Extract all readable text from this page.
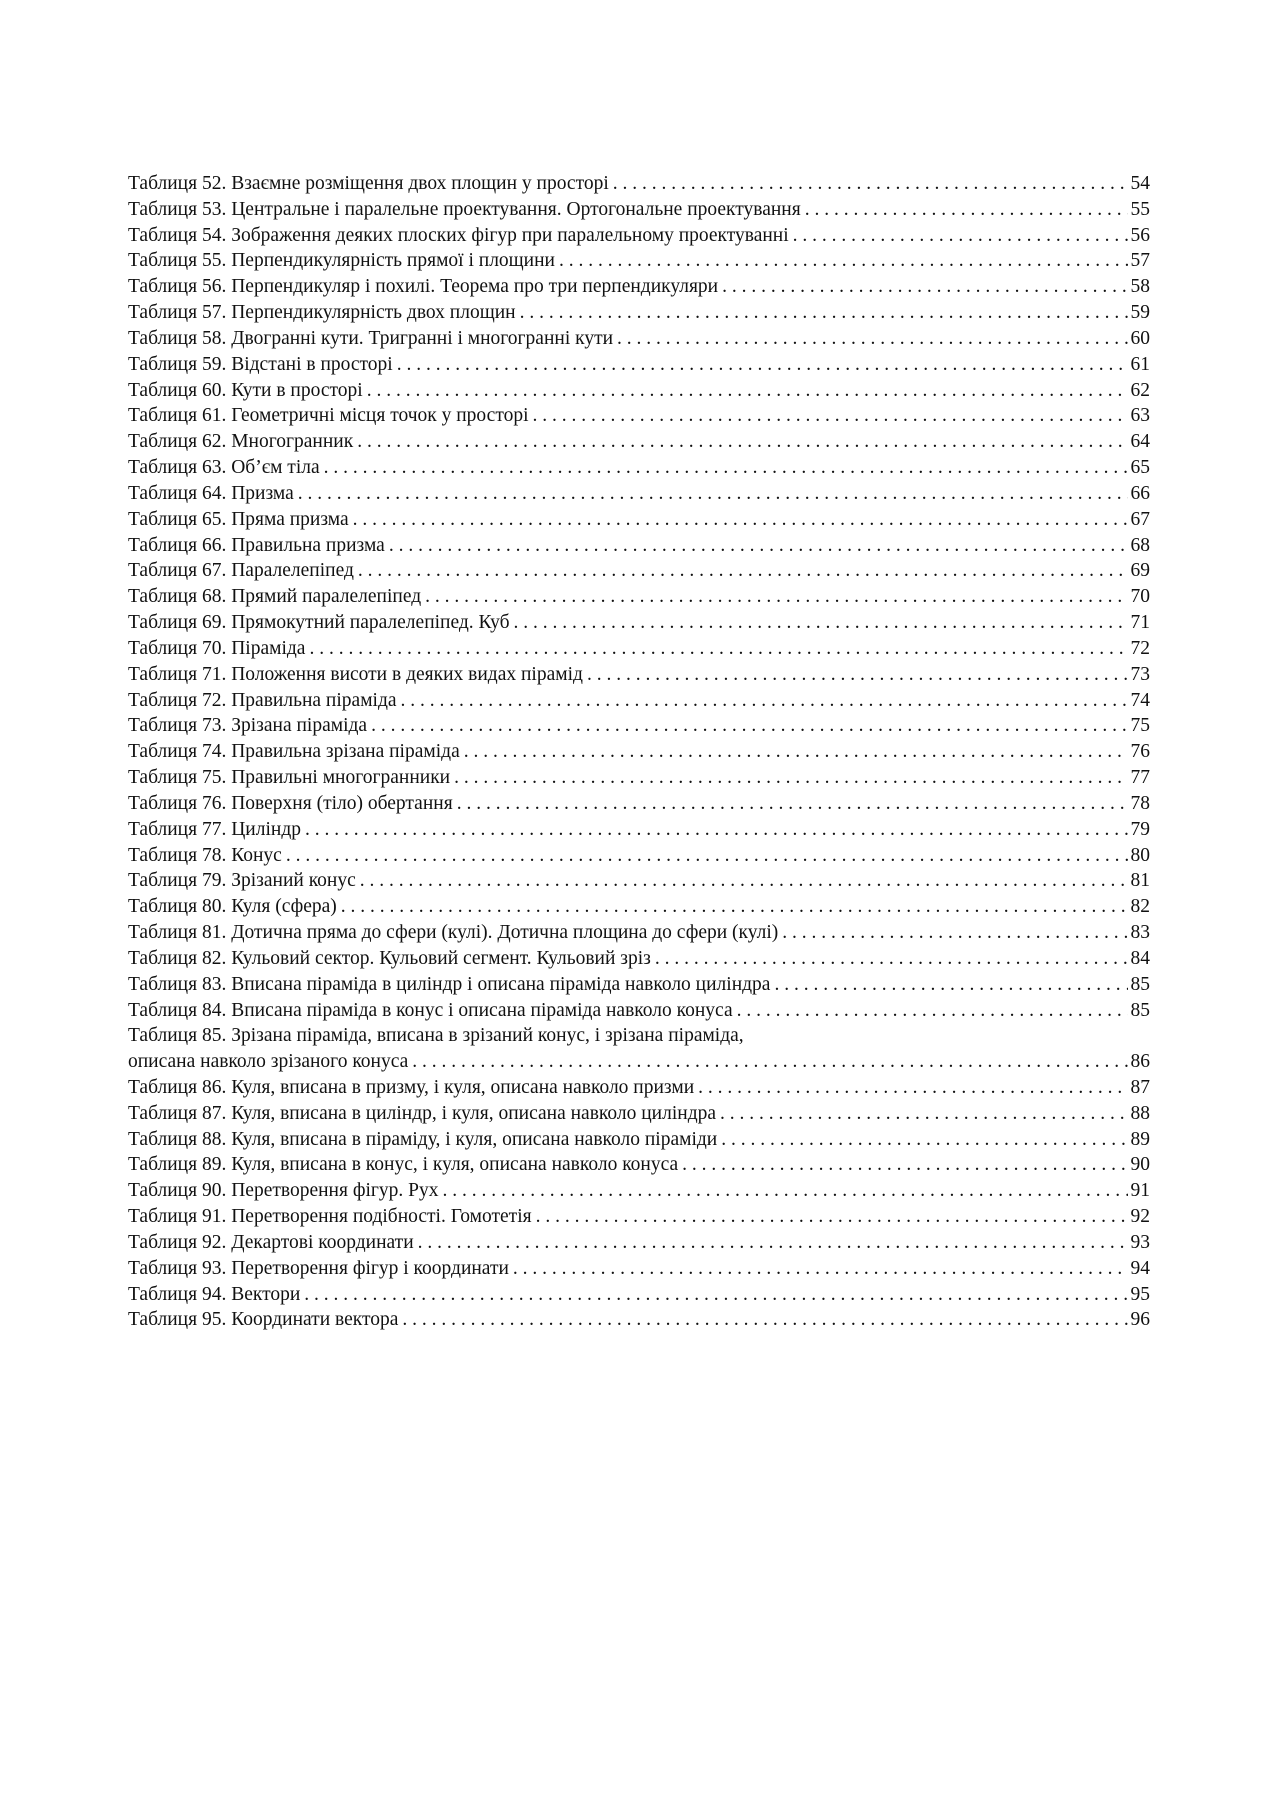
Таблиця 52. Взаємне розміщення двох площин у просторі . . .	54
Таблиця 53. Центральне і паралельне проектування. Ортогональне проектування . . .	55
Таблиця 54. Зображення деяких плоских фігур при паралельному проектуванні . . .	56
Таблиця 55. Перпендикулярність прямої і площини . . .	57
Таблиця 56. Перпендикуляр і похилі. Теорема про три перпендикуляри . . .	58
Таблиця 57. Перпендикулярність двох площин . . .	59
Таблиця 58. Двогранні кути. Тригранні і многогранні кути . . .	60
Таблиця 59. Відстані в просторі . . .	61
Таблиця 60. Кути в просторі . . .	62
Таблиця 61. Геометричні місця точок у просторі . . .	63
Таблиця 62. Многогранник . . .	64
Таблиця 63. Об’єм тіла . . .	65
Таблиця 64. Призма . . .	66
Таблиця 65. Пряма призма . . .	67
Таблиця 66. Правильна призма . . .	68
Таблиця 67. Паралелепіпед . . .	69
Таблиця 68. Прямий паралелепіпед . . .	70
Таблиця 69. Прямокутний паралелепіпед. Куб . . .	71
Таблиця 70. Піраміда . . .	72
Таблиця 71. Положення висоти в деяких видах пірамід . . .	73
Таблиця 72. Правильна піраміда . . .	74
Таблиця 73. Зрізана піраміда . . .	75
Таблиця 74. Правильна зрізана піраміда . . .	76
Таблиця 75. Правильні многогранники . . .	77
Таблиця 76. Поверхня (тіло) обертання . . .	78
Таблиця 77. Циліндр . . .	79
Таблиця 78. Конус . . .	80
Таблиця 79. Зрізаний конус . . .	81
Таблиця 80. Куля (сфера) . . .	82
Таблиця 81. Дотична пряма до сфери (кулі). Дотична площина до сфери (кулі) . . .	83
Таблиця 82. Кульовий сектор. Кульовий сегмент. Кульовий зріз . . .	84
Таблиця 83. Вписана піраміда в циліндр і описана піраміда навколо циліндра . . .	85
Таблиця 84. Вписана піраміда в конус і описана піраміда навколо конуса . . .	85
Таблиця 85. Зрізана піраміда, вписана в зрізаний конус, і зрізана піраміда,
описана навколо зрізаного конуса . . .	86
Таблиця 86. Куля, вписана в призму, і куля, описана навколо призми . . .	87
Таблиця 87. Куля, вписана в циліндр, і куля, описана навколо циліндра . . .	88
Таблиця 88. Куля, вписана в піраміду, і куля, описана навколо піраміди . . .	89
Таблиця 89. Куля, вписана в конус, і куля, описана навколо конуса . . .	90
Таблиця 90. Перетворення фігур. Рух . . .	91
Таблиця 91. Перетворення подібності. Гомотетія . . .	92
Таблиця 92. Декартові координати . . .	93
Таблиця 93. Перетворення фігур і координати . . .	94
Таблиця 94. Вектори . . .	95
Таблиця 95. Координати вектора . . .	96
